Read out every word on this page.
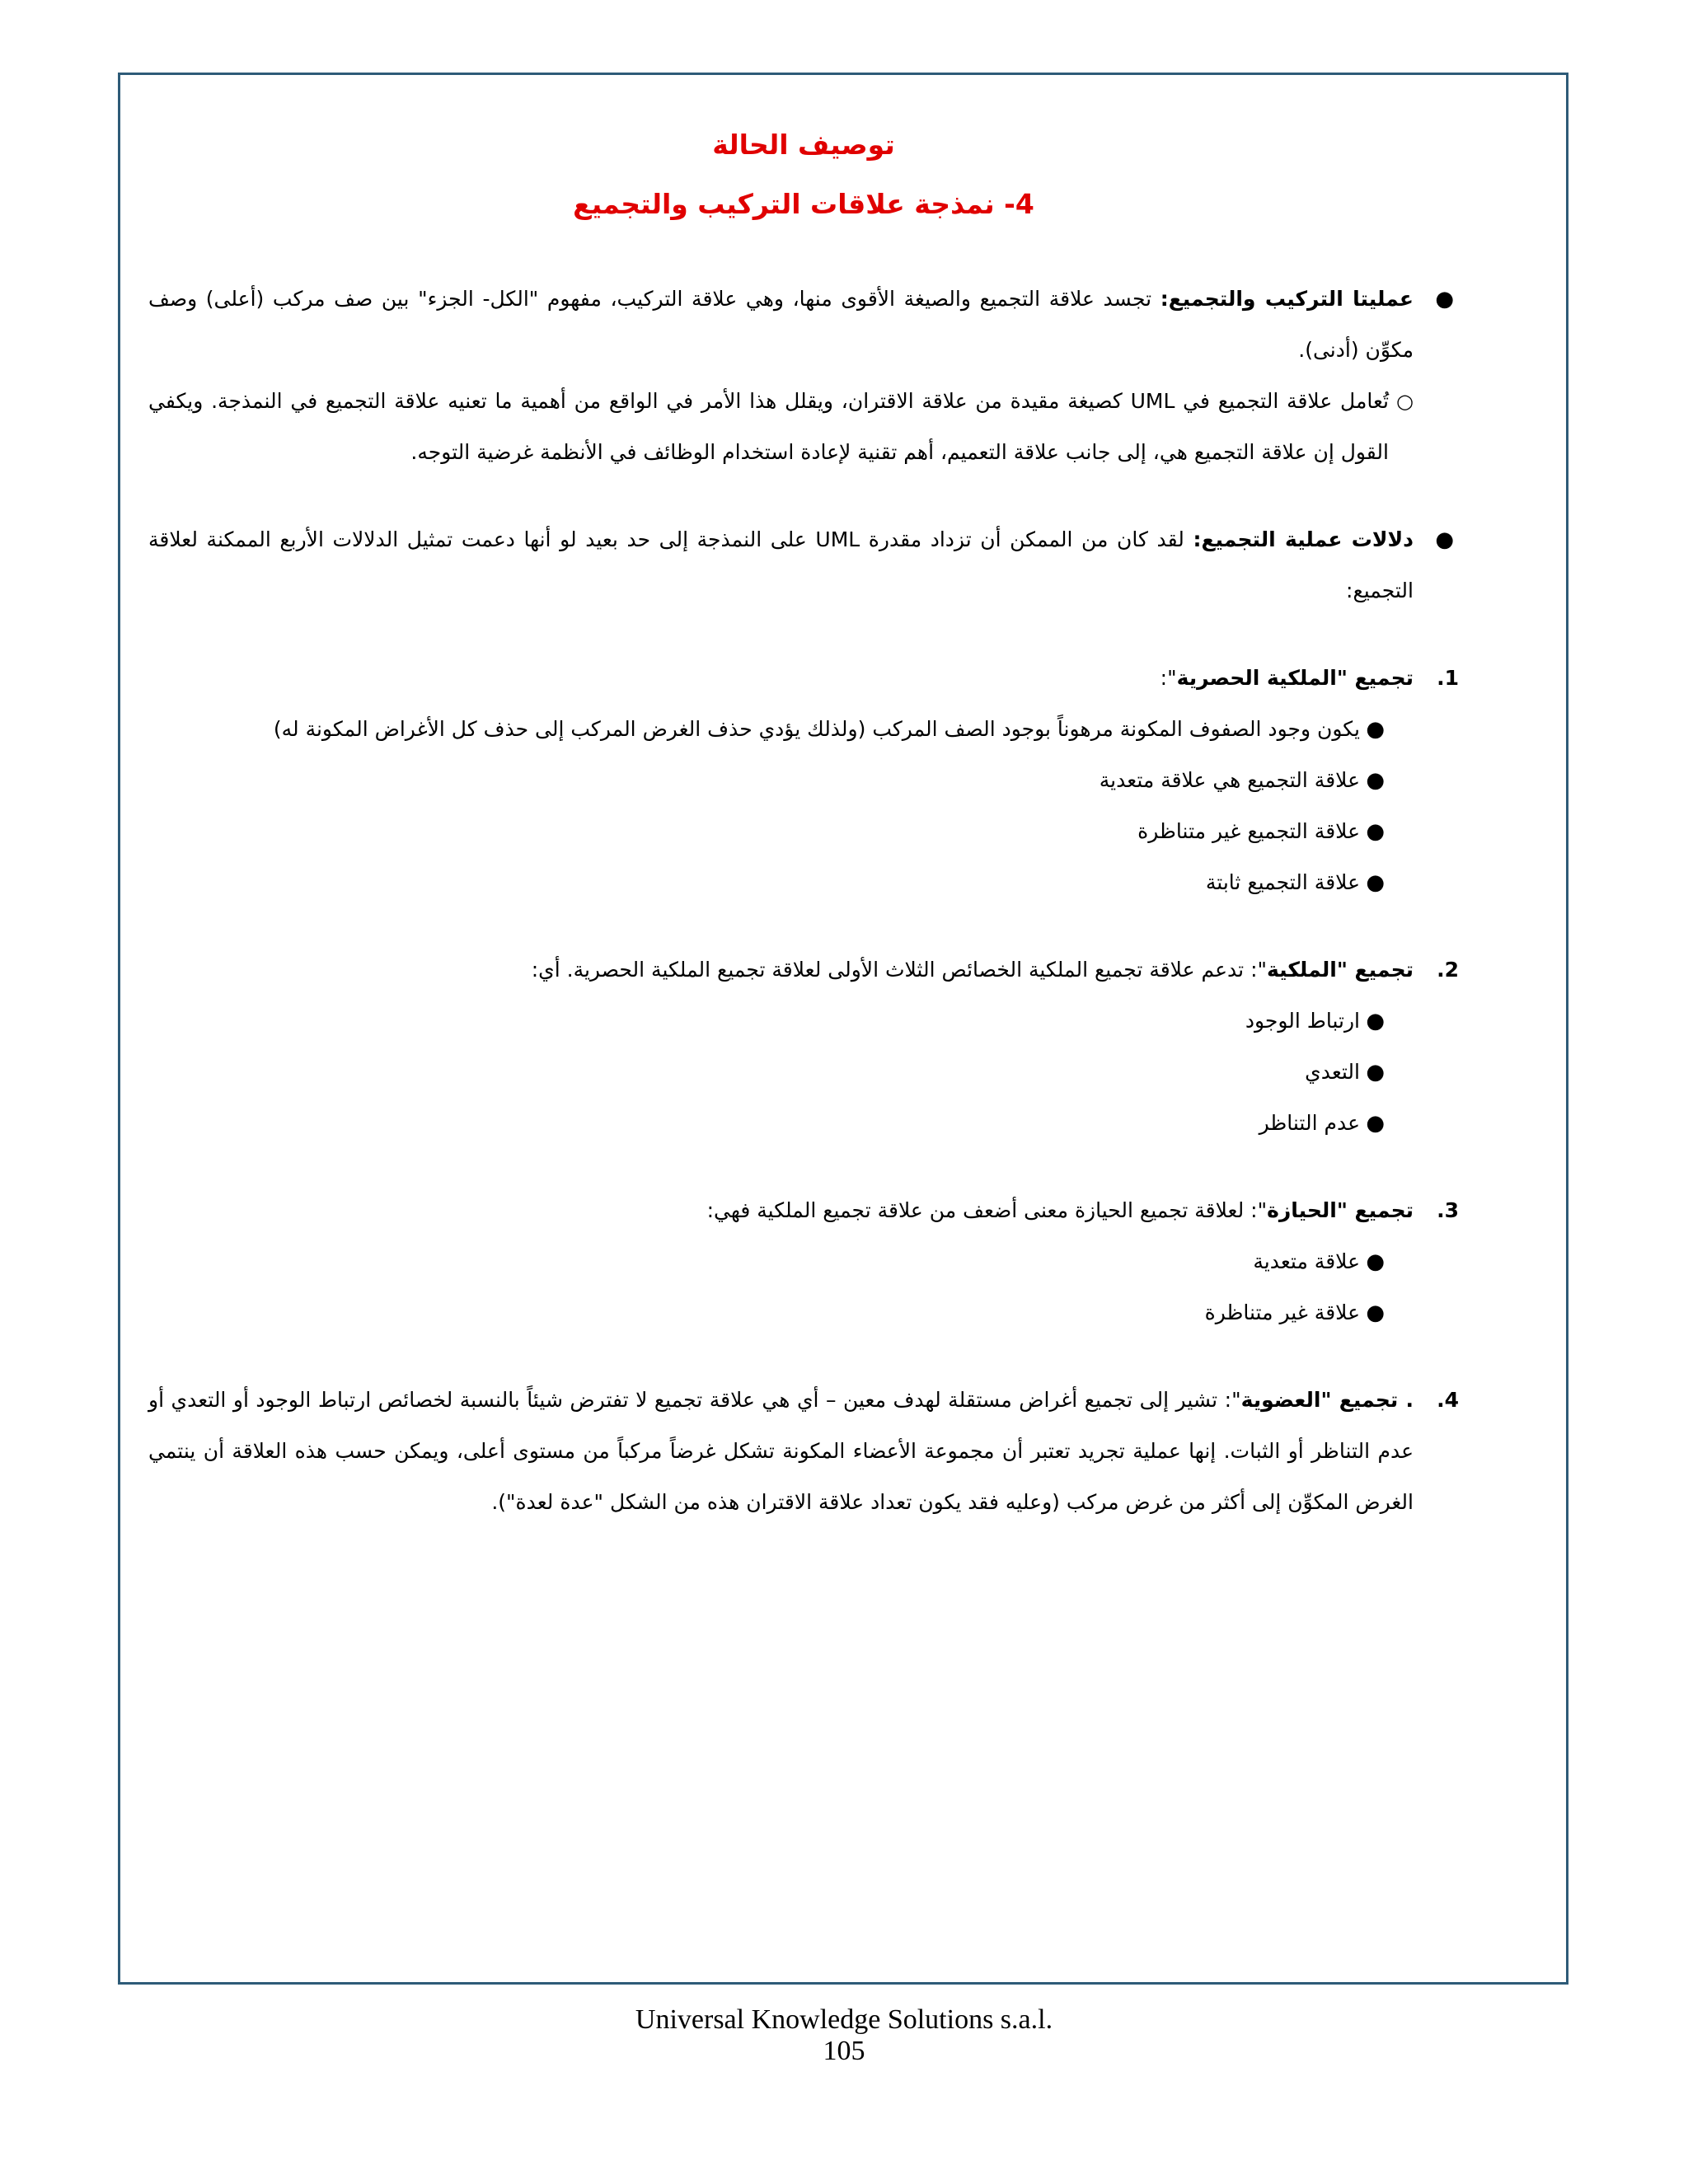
توصيف الحالة

4- نمذجة علاقات التركيب والتجميع

●
عمليتا التركيب والتجميع: تجسد علاقة التجميع والصيغة الأقوى منها، وهي علاقة التركيب، مفهوم "الكل- الجزء" بين صف مركب (أعلى) وصف مكوِّن (أدنى).
○
تُعامل علاقة التجميع في UML كصيغة مقيدة من علاقة الاقتران، ويقلل هذا الأمر في الواقع من أهمية ما تعنيه علاقة التجميع في النمذجة. ويكفي القول إن علاقة التجميع هي، إلى جانب علاقة التعميم، أهم تقنية لإعادة استخدام الوظائف في الأنظمة غرضية التوجه.
●
دلالات عملية التجميع: لقد كان من الممكن أن تزداد مقدرة UML على النمذجة إلى حد بعيد لو أنها دعمت تمثيل الدلالات الأربع الممكنة لعلاقة التجميع:
1.
تجميع "الملكية الحصرية":
●
يكون وجود الصفوف المكونة مرهوناً بوجود الصف المركب (ولذلك يؤدي حذف الغرض المركب إلى حذف كل الأغراض المكونة له)
●
علاقة التجميع هي علاقة متعدية
●
علاقة التجميع غير متناظرة
●
علاقة التجميع ثابتة
2.
تجميع "الملكية": تدعم علاقة تجميع الملكية الخصائص الثلاث الأولى لعلاقة تجميع الملكية الحصرية. أي:
●
ارتباط الوجود
●
التعدي
●
عدم التناظر
3.
تجميع "الحيازة": لعلاقة تجميع الحيازة معنى أضعف من علاقة تجميع الملكية فهي:
●
علاقة متعدية
●
علاقة غير متناظرة
4.
. تجميع "العضوية": تشير إلى تجميع أغراض مستقلة لهدف معين – أي هي علاقة تجميع لا تفترض شيئاً بالنسبة لخصائص ارتباط الوجود أو التعدي أو عدم التناظر أو الثبات. إنها عملية تجريد تعتبر أن مجموعة الأعضاء المكونة تشكل غرضاً مركباً من مستوى أعلى، ويمكن حسب هذه العلاقة أن ينتمي الغرض المكوِّن إلى أكثر من غرض مركب (وعليه فقد يكون تعداد علاقة الاقتران هذه من الشكل "عدة لعدة").
Universal Knowledge Solutions s.a.l.
105
